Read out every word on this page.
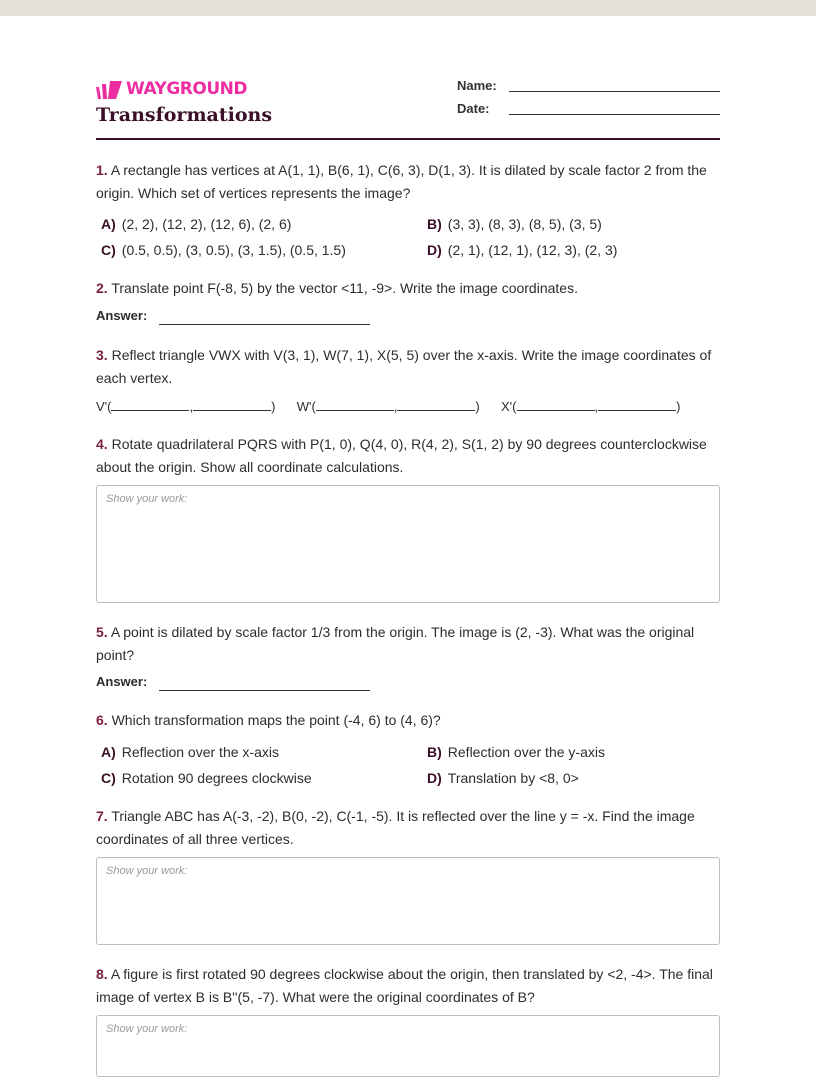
WAYGROUND
Transformations
Name:
Date:
1. A rectangle has vertices at A(1, 1), B(6, 1), C(6, 3), D(1, 3). It is dilated by scale factor 2 from the origin. Which set of vertices represents the image?
A) (2, 2), (12, 2), (12, 6), (2, 6)	B) (3, 3), (8, 3), (8, 5), (3, 5)
C) (0.5, 0.5), (3, 0.5), (3, 1.5), (0.5, 1.5)	D) (2, 1), (12, 1), (12, 3), (2, 3)
2. Translate point F(-8, 5) by the vector <11, -9>. Write the image coordinates.
Answer:
3. Reflect triangle VWX with V(3, 1), W(7, 1), X(5, 5) over the x-axis. Write the image coordinates of each vertex.
V'(	,	) W'(	,	) X'(	,	)
4. Rotate quadrilateral PQRS with P(1, 0), Q(4, 0), R(4, 2), S(1, 2) by 90 degrees counterclockwise about the origin. Show all coordinate calculations.
Show your work:
5. A point is dilated by scale factor 1/3 from the origin. The image is (2, -3). What was the original point?
Answer:
6. Which transformation maps the point (-4, 6) to (4, 6)?
A) Reflection over the x-axis	B) Reflection over the y-axis
C) Rotation 90 degrees clockwise	D) Translation by <8, 0>
7. Triangle ABC has A(-3, -2), B(0, -2), C(-1, -5). It is reflected over the line y = -x. Find the image coordinates of all three vertices.
Show your work:
8. A figure is first rotated 90 degrees clockwise about the origin, then translated by <2, -4>. The final image of vertex B is B''(5, -7). What were the original coordinates of B?
Show your work:
